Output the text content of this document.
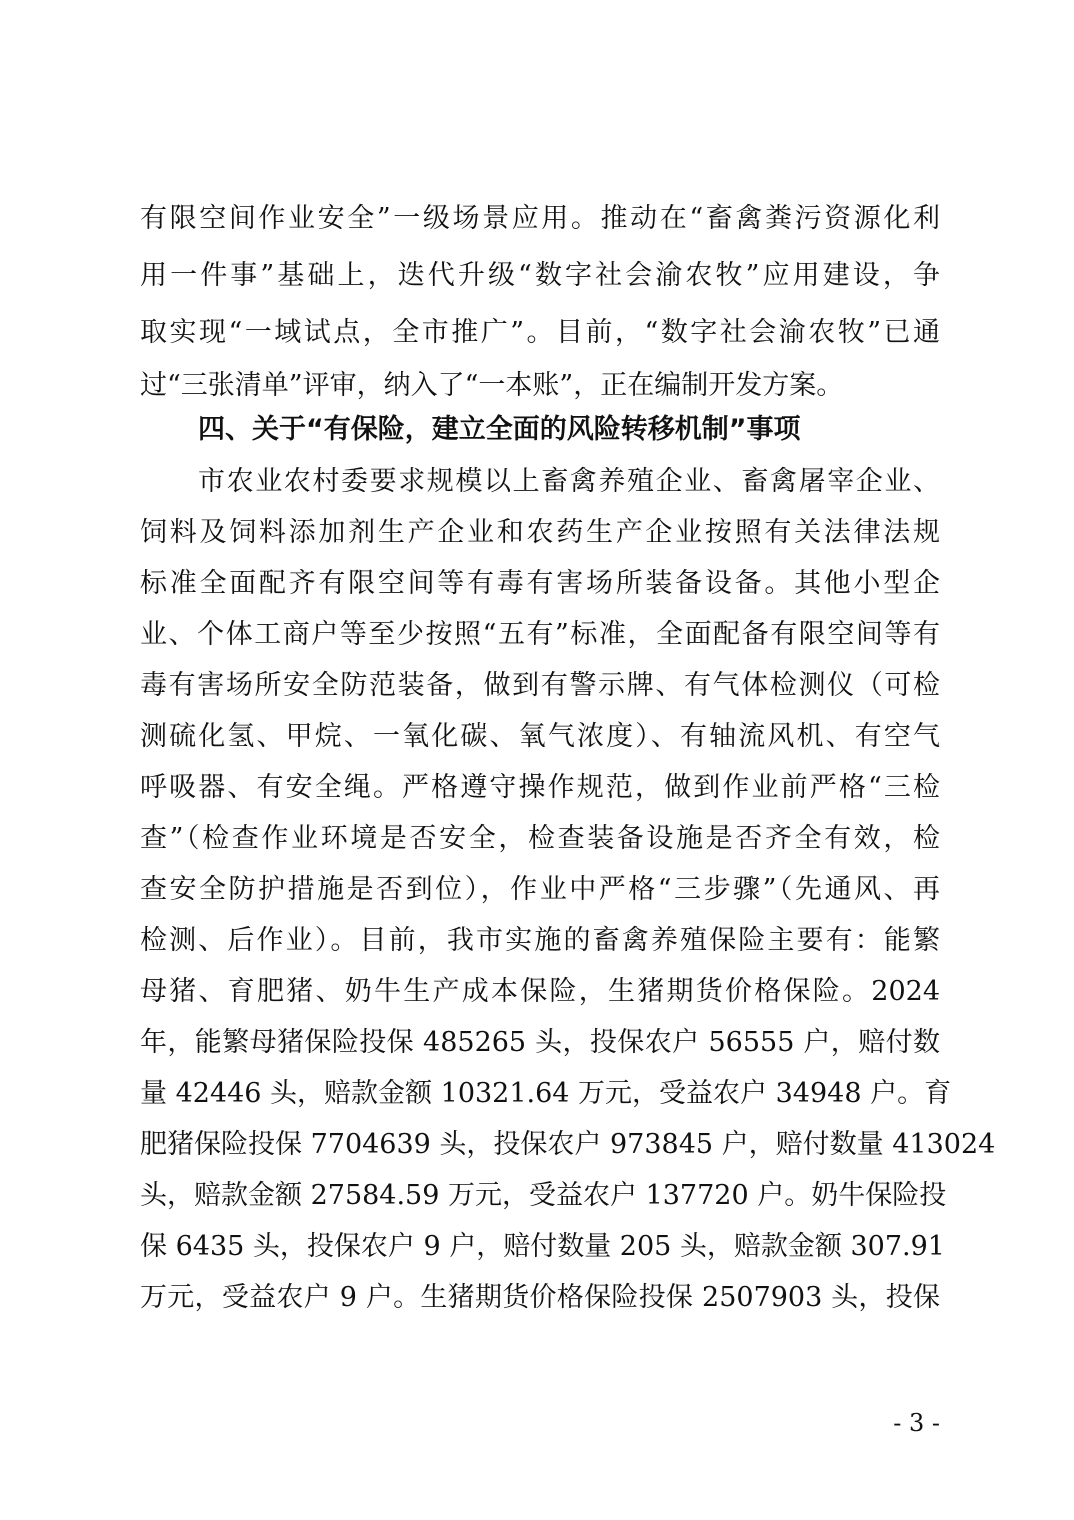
有限空间作业安全”一级场景应用。推动在“畜禽粪污资源化利
用一件事”基础上，迭代升级“数字社会渝农牧”应用建设，争
取实现“一域试点，全市推广”。目前，“数字社会渝农牧”已通
过“三张清单”评审，纳入了“一本账”，正在编制开发方案。
四、关于“有保险，建立全面的风险转移机制”事项
市农业农村委要求规模以上畜禽养殖企业、畜禽屠宰企业、
饲料及饲料添加剂生产企业和农药生产企业按照有关法律法规
标准全面配齐有限空间等有毒有害场所装备设备。其他小型企
业、个体工商户等至少按照“五有”标准，全面配备有限空间等有
毒有害场所安全防范装备，做到有警示牌、有气体检测仪（可检
测硫化氢、甲烷、一氧化碳、氧气浓度）、有轴流风机、有空气
呼吸器、有安全绳。严格遵守操作规范，做到作业前严格“三检
查”（检查作业环境是否安全，检查装备设施是否齐全有效，检
查安全防护措施是否到位），作业中严格“三步骤”（先通风、再
检测、后作业）。目前，我市实施的畜禽养殖保险主要有：能繁
母猪、育肥猪、奶牛生产成本保险，生猪期货价格保险。2024
年，能繁母猪保险投保 485265 头，投保农户 56555 户，赔付数
量 42446 头，赔款金额 10321.64 万元，受益农户 34948 户。育
肥猪保险投保 7704639 头，投保农户 973845 户，赔付数量 413024
头，赔款金额 27584.59 万元，受益农户 137720 户。奶牛保险投
保 6435 头，投保农户 9 户，赔付数量 205 头，赔款金额 307.91
万元，受益农户 9 户。生猪期货价格保险投保 2507903 头，投保
- 3 -
